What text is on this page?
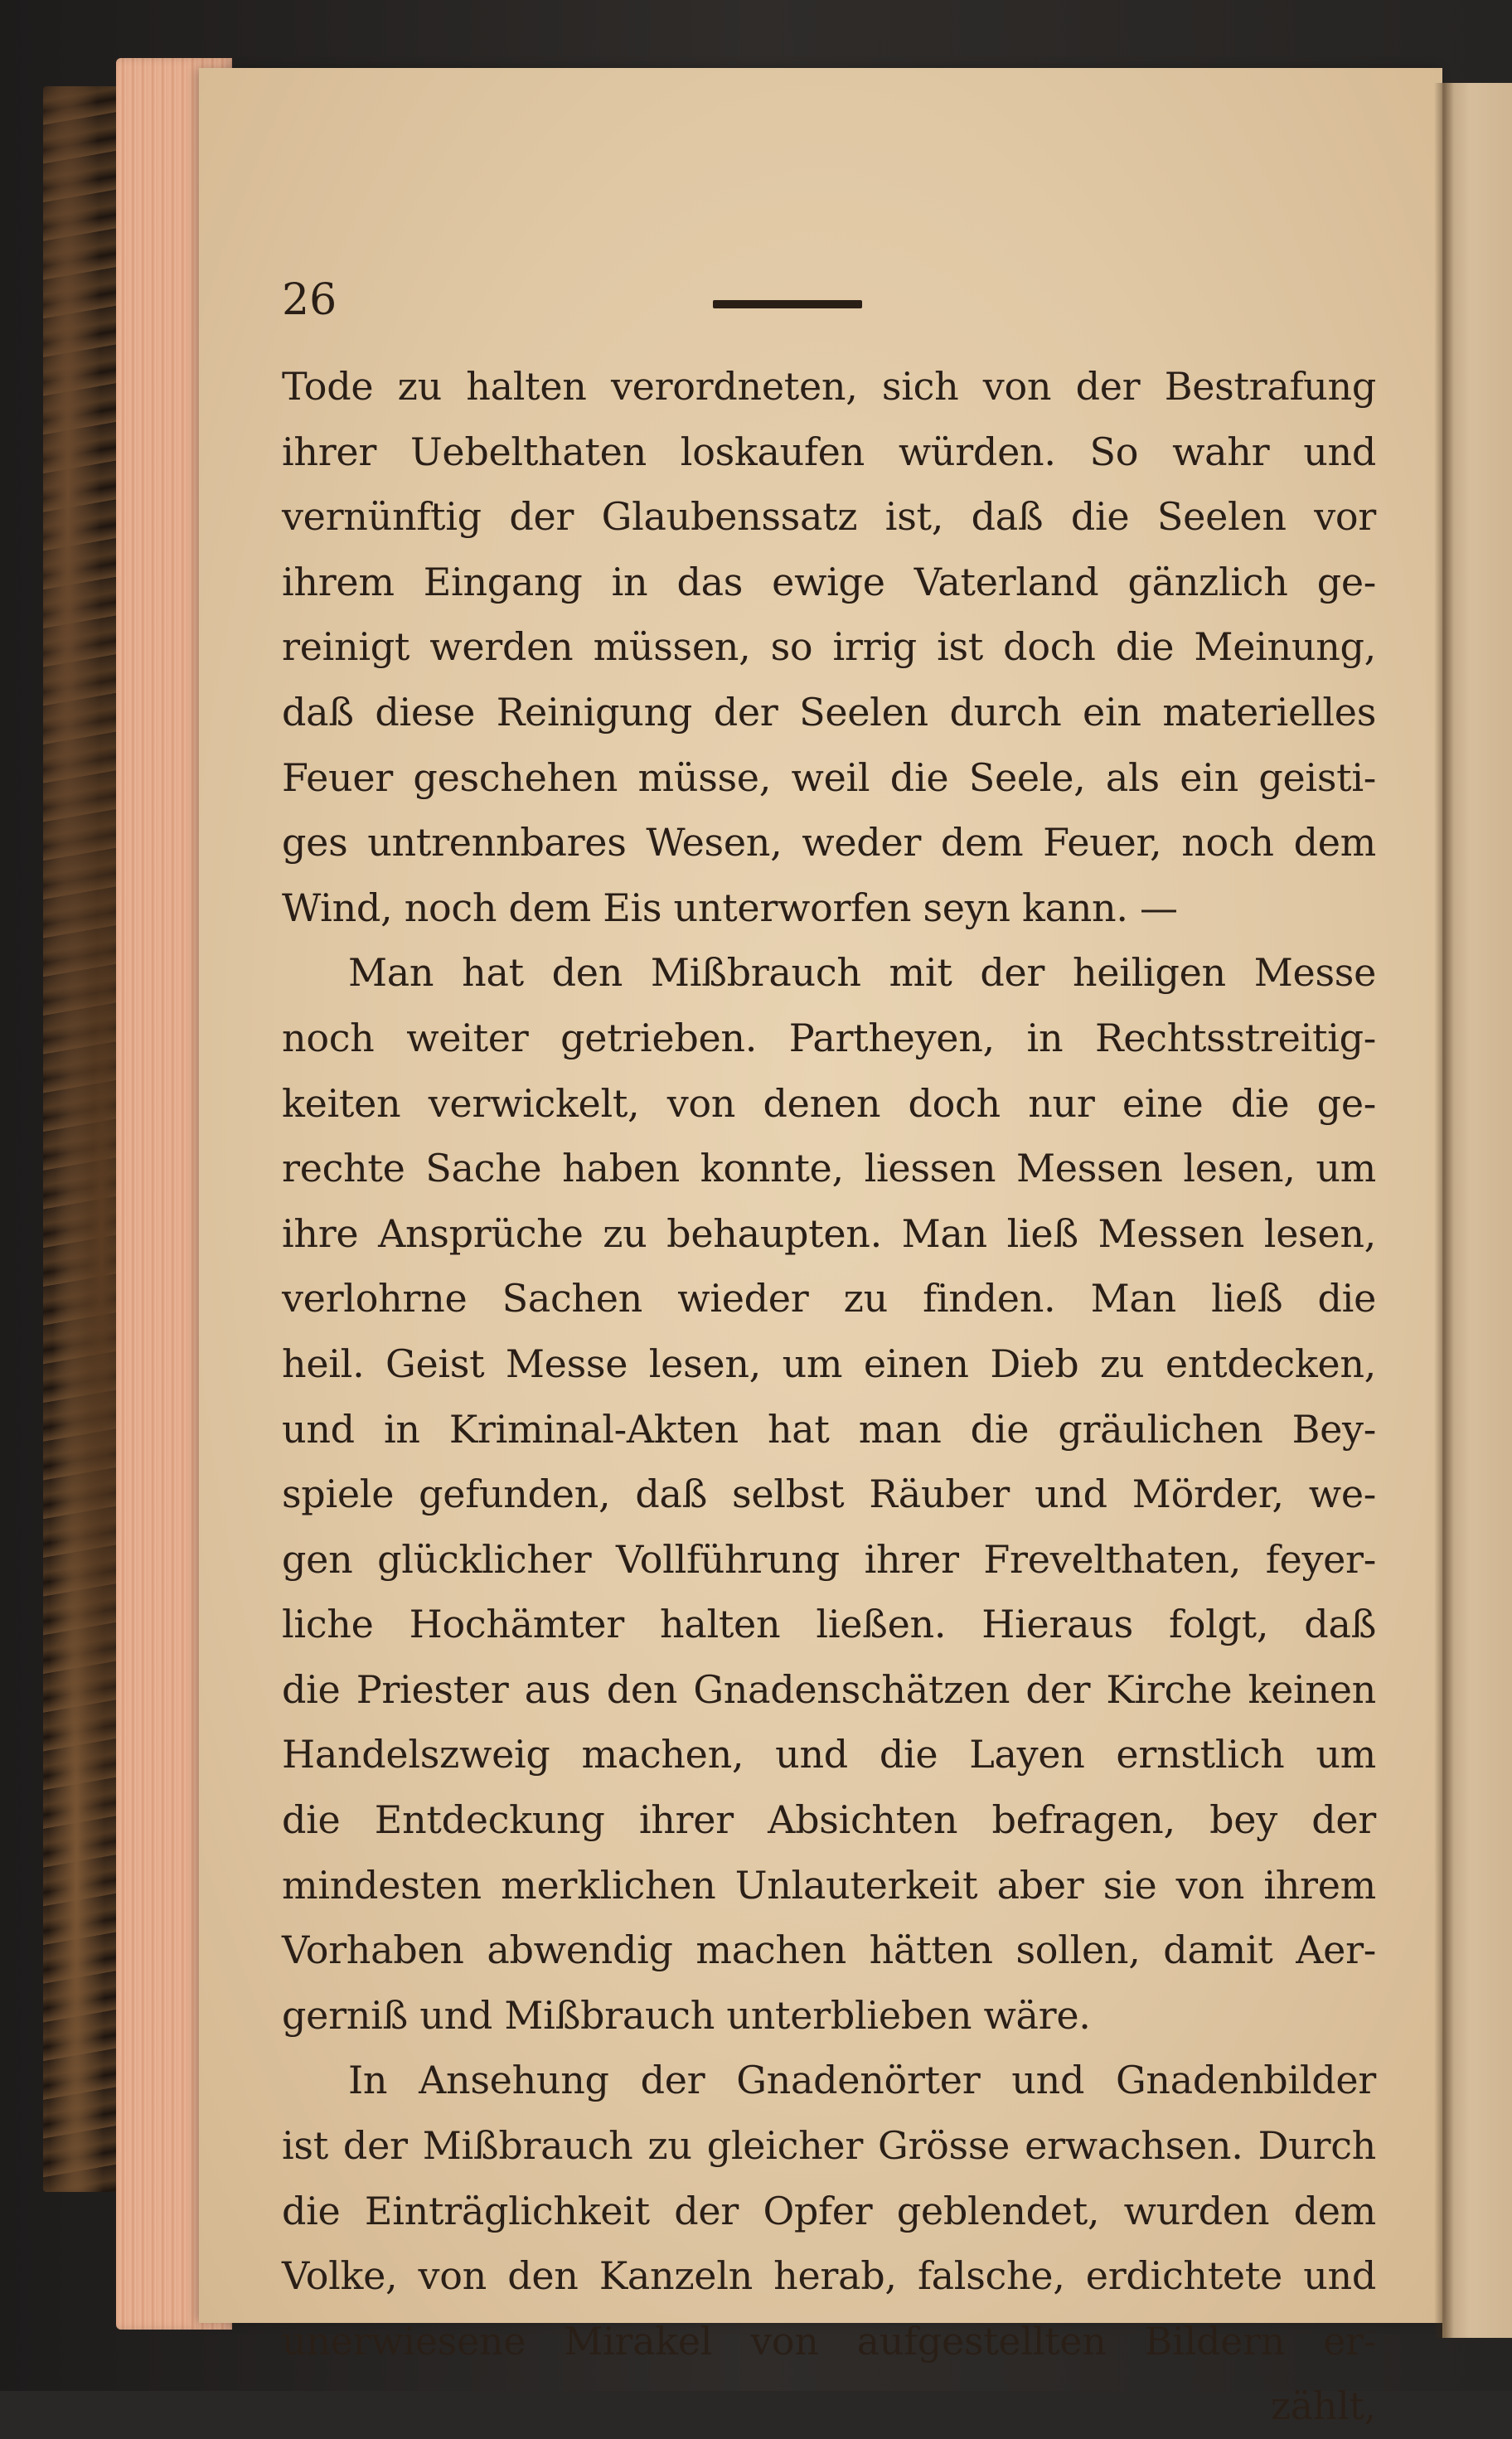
26
Tode zu halten verordneten, sich von der Bestrafung
ihrer Uebelthaten loskaufen würden. So wahr und
vernünftig der Glaubenssatz ist, daß die Seelen vor
ihrem Eingang in das ewige Vaterland gänzlich ge-
reinigt werden müssen, so irrig ist doch die Meinung,
daß diese Reinigung der Seelen durch ein materielles
Feuer geschehen müsse, weil die Seele, als ein geisti-
ges untrennbares Wesen, weder dem Feuer, noch dem
Wind, noch dem Eis unterworfen seyn kann. —
Man hat den Mißbrauch mit der heiligen Messe
noch weiter getrieben. Partheyen, in Rechtsstreitig-
keiten verwickelt, von denen doch nur eine die ge-
rechte Sache haben konnte, liessen Messen lesen, um
ihre Ansprüche zu behaupten. Man ließ Messen lesen,
verlohrne Sachen wieder zu finden. Man ließ die
heil. Geist Messe lesen, um einen Dieb zu entdecken,
und in Kriminal-Akten hat man die gräulichen Bey-
spiele gefunden, daß selbst Räuber und Mörder, we-
gen glücklicher Vollführung ihrer Frevelthaten, feyer-
liche Hochämter halten ließen. Hieraus folgt, daß
die Priester aus den Gnadenschätzen der Kirche keinen
Handelszweig machen, und die Layen ernstlich um
die Entdeckung ihrer Absichten befragen, bey der
mindesten merklichen Unlauterkeit aber sie von ihrem
Vorhaben abwendig machen hätten sollen, damit Aer-
gerniß und Mißbrauch unterblieben wäre.
In Ansehung der Gnadenörter und Gnadenbilder
ist der Mißbrauch zu gleicher Grösse erwachsen. Durch
die Einträglichkeit der Opfer geblendet, wurden dem
Volke, von den Kanzeln herab, falsche, erdichtete und
unerwiesene Mirakel von aufgestellten Bildern er-
zählt,
